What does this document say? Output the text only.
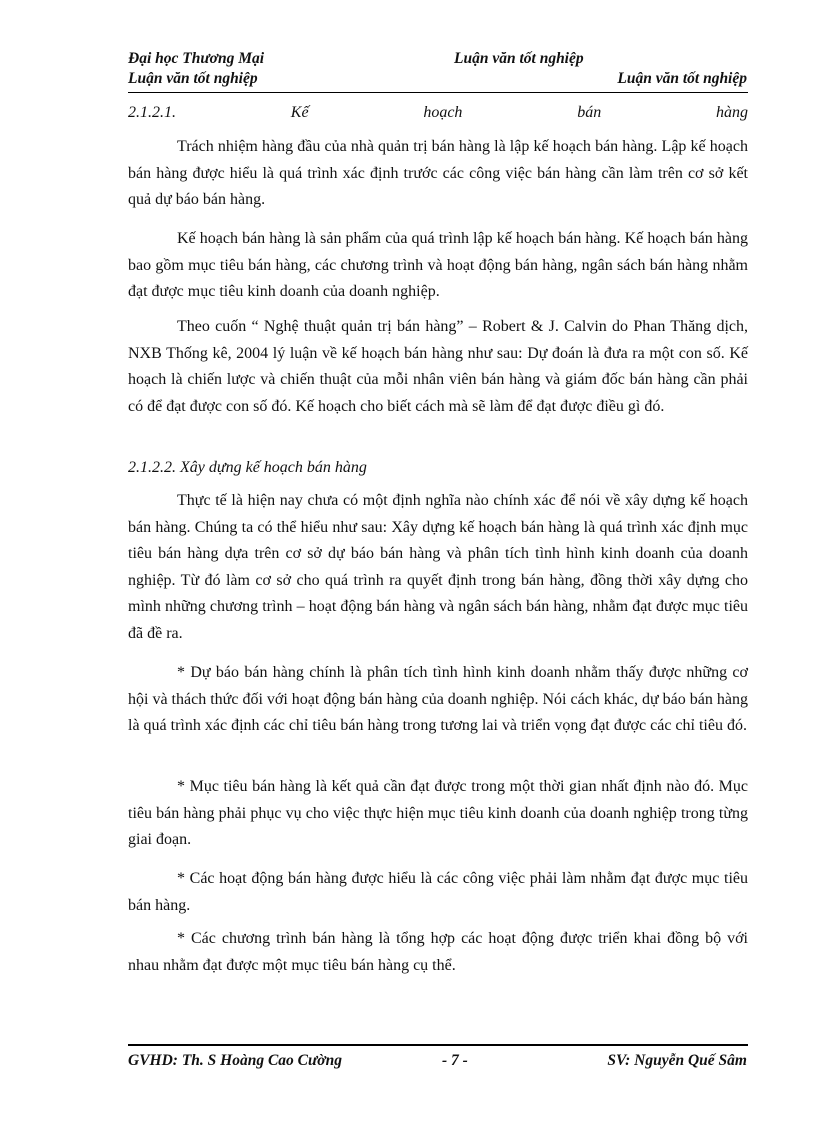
Đại học Thương Mại	Luận văn tốt nghiệp
Luận văn tốt nghiệp	Luận văn tốt nghiệp
2.1.2.1.	Kế	hoạch	bán	hàng

Trách nhiệm hàng đầu của nhà quản trị bán hàng là lập kế hoạch bán hàng. Lập kế hoạch bán hàng được hiểu là quá trình xác định trước các công việc bán hàng cần làm trên cơ sở kết quả dự báo bán hàng.

Kế hoạch bán hàng là sản phẩm của quá trình lập kế hoạch bán hàng. Kế hoạch bán hàng bao gồm mục tiêu bán hàng, các chương trình và hoạt động bán hàng, ngân sách bán hàng nhằm đạt được mục tiêu kinh doanh của doanh nghiệp.

Theo cuốn “ Nghệ thuật quản trị bán hàng” – Robert & J. Calvin do Phan Thăng dịch, NXB Thống kê, 2004 lý luận về kế hoạch bán hàng như sau: Dự đoán là đưa ra một con số. Kế hoạch là chiến lược và chiến thuật của mỗi nhân viên bán hàng và giám đốc bán hàng cần phải có để đạt được con số đó. Kế hoạch cho biết cách mà sẽ làm để đạt được điều gì đó.

2.1.2.2. Xây dựng kế hoạch bán hàng

Thực tế là hiện nay chưa có một định nghĩa nào chính xác để nói về xây dựng kế hoạch bán hàng. Chúng ta có thể hiểu như sau: Xây dựng kế hoạch bán hàng là quá trình xác định mục tiêu bán hàng dựa trên cơ sở dự báo bán hàng và phân tích tình hình kinh doanh của doanh nghiệp. Từ đó làm cơ sở cho quá trình ra quyết định trong bán hàng, đồng thời xây dựng cho mình những chương trình – hoạt động bán hàng và ngân sách bán hàng, nhằm đạt được mục tiêu đã đề ra.

* Dự báo bán hàng chính là phân tích tình hình kinh doanh nhằm thấy được những cơ hội và thách thức đối với hoạt động bán hàng của doanh nghiệp. Nói cách khác, dự báo bán hàng là quá trình xác định các chỉ tiêu bán hàng trong tương lai và triển vọng đạt được các chỉ tiêu đó.

* Mục tiêu bán hàng là kết quả cần đạt được trong một thời gian nhất định nào đó. Mục tiêu bán hàng phải phục vụ cho việc thực hiện mục tiêu kinh doanh của doanh nghiệp trong từng giai đoạn.

* Các hoạt động bán hàng được hiểu là các công việc phải làm nhằm đạt được mục tiêu bán hàng.

* Các chương trình bán hàng là tổng hợp các hoạt động được triển khai đồng bộ với nhau nhằm đạt được một mục tiêu bán hàng cụ thể.

GVHD: Th. S Hoàng Cao Cường	- 7 -	SV: Nguyễn Quế Sâm
